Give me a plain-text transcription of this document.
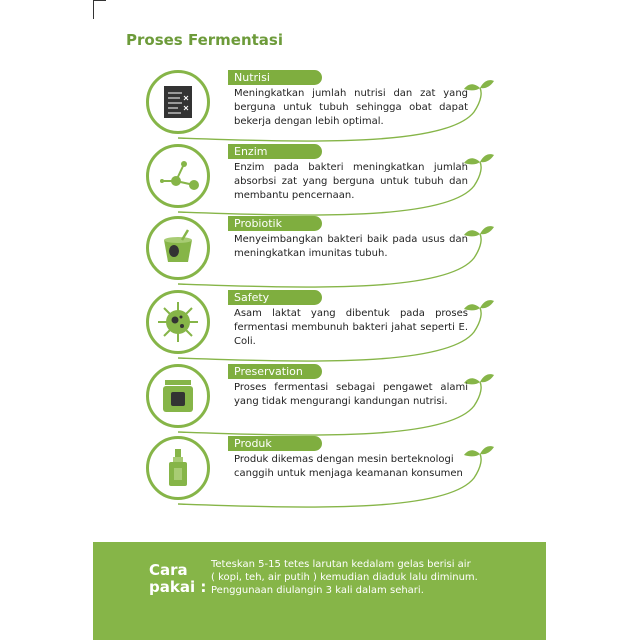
Proses Fermentasi
Nutrisi
Meningkatkan jumlah nutrisi dan zat yang berguna untuk tubuh sehingga obat dapat bekerja dengan lebih optimal.
Enzim
Enzim pada bakteri meningkatkan jumlah absorbsi zat yang berguna untuk tubuh dan membantu pencernaan.
Probiotik
Menyeimbangkan bakteri baik pada usus dan meningkatkan imunitas tubuh.
Safety
Asam laktat yang dibentuk pada proses fermentasi membunuh bakteri jahat seperti E. Coli.
Preservation
Proses fermentasi sebagai pengawet alami yang tidak mengurangi kandungan nutrisi.
Produk
Produk dikemas dengan mesin berteknologi canggih untuk menjaga keamanan konsumen
Cara
pakai :
Teteskan 5-15 tetes larutan kedalam gelas berisi air
( kopi, teh, air putih ) kemudian diaduk lalu diminum.
Penggunaan diulangin 3 kali dalam sehari.
